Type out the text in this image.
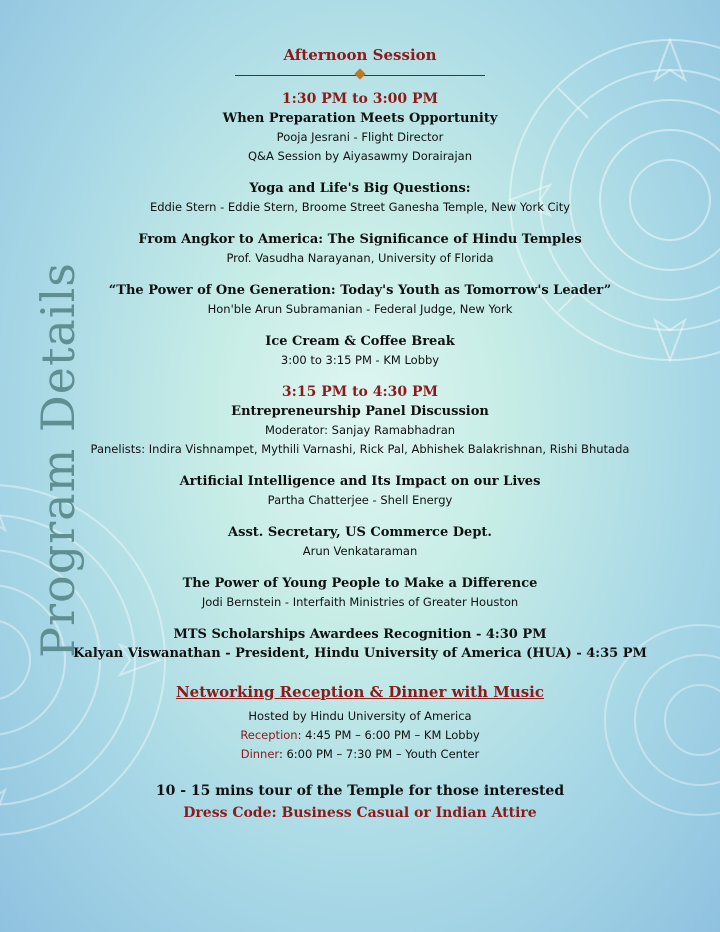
Program Details

Afternoon Session

1:30 PM to 3:00 PM

When Preparation Meets Opportunity

Pooja Jesrani - Flight Director

Q&A Session by Aiyasawmy Dorairajan

Yoga and Life's Big Questions:

Eddie Stern - Eddie Stern, Broome Street Ganesha Temple, New York City

From Angkor to America: The Significance of Hindu Temples

Prof. Vasudha Narayanan, University of Florida

“The Power of One Generation: Today's Youth as Tomorrow's Leader”

Hon'ble Arun Subramanian - Federal Judge, New York

Ice Cream & Coffee Break

3:00 to 3:15 PM - KM Lobby

3:15 PM to 4:30 PM

Entrepreneurship Panel Discussion

Moderator: Sanjay Ramabhadran

Panelists: Indira Vishnampet, Mythili Varnashi, Rick Pal, Abhishek Balakrishnan, Rishi Bhutada

Artificial Intelligence and Its Impact on our Lives

Partha Chatterjee - Shell Energy

Asst. Secretary, US Commerce Dept.

Arun Venkataraman

The Power of Young People to Make a Difference

Jodi Bernstein - Interfaith Ministries of Greater Houston

MTS Scholarships Awardees Recognition - 4:30 PM

Kalyan Viswanathan - President, Hindu University of America (HUA) - 4:35 PM

Networking Reception & Dinner with Music

Hosted by Hindu University of America

Reception: 4:45 PM – 6:00 PM – KM Lobby

Dinner: 6:00 PM – 7:30 PM – Youth Center

10 - 15 mins tour of the Temple for those interested

Dress Code: Business Casual or Indian Attire
